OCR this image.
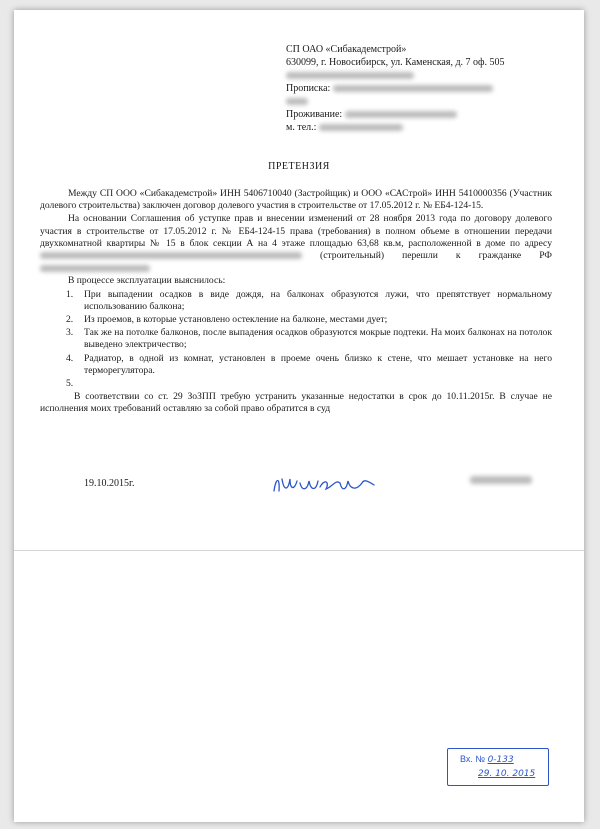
СП ОАО «Сибакадемстрой»
630099, г. Новосибирск, ул. Каменская, д. 7 оф. 505
Прописка:
Проживание:
м. тел.:
ПРЕТЕНЗИЯ

Между СП ООО «Сибакадемстрой» ИНН 5406710040 (Застройщик) и ООО «САСтрой» ИНН 5410000356 (Участник долевого строительства) заключен договор долевого участия в строительстве от 17.05.2012 г. № ЕБ4-124-15.

На основании Соглашения об уступке прав и внесении изменений от 28 ноября 2013 года по договору долевого участия в строительстве от 17.05.2012 г. № ЕБ4-124-15 права (требования) в полном объеме в отношении передачи двухкомнатной квартиры № 15 в блок секции А на 4 этаже площадью 63,68 кв.м, расположенной в доме по адресу  (строительный) перешли к гражданке РФ

В процессе эксплуатации выяснилось:

1. При выпадении осадков в виде дождя, на балконах образуются лужи, что препятствует нормальному использованию балкона;
2. Из проемов, в которые установлено остекление на балконе, местами дует;
3. Так же на потолке балконов, после выпадения осадков образуются мокрые подтеки. На моих балконах на потолок выведено электричество;
4. Радиатор, в одной из комнат, установлен в проеме очень близко к стене, что мешает установке на него терморегулятора.
5.

В соответствии со ст. 29 ЗоЗПП требую устранить указанные недостатки в срок до 10.11.2015г. В случае не исполнения моих требований оставляю за собой право обратится в суд

19.10.2015г.
Вх. № 0-133
29. 10. 2015
